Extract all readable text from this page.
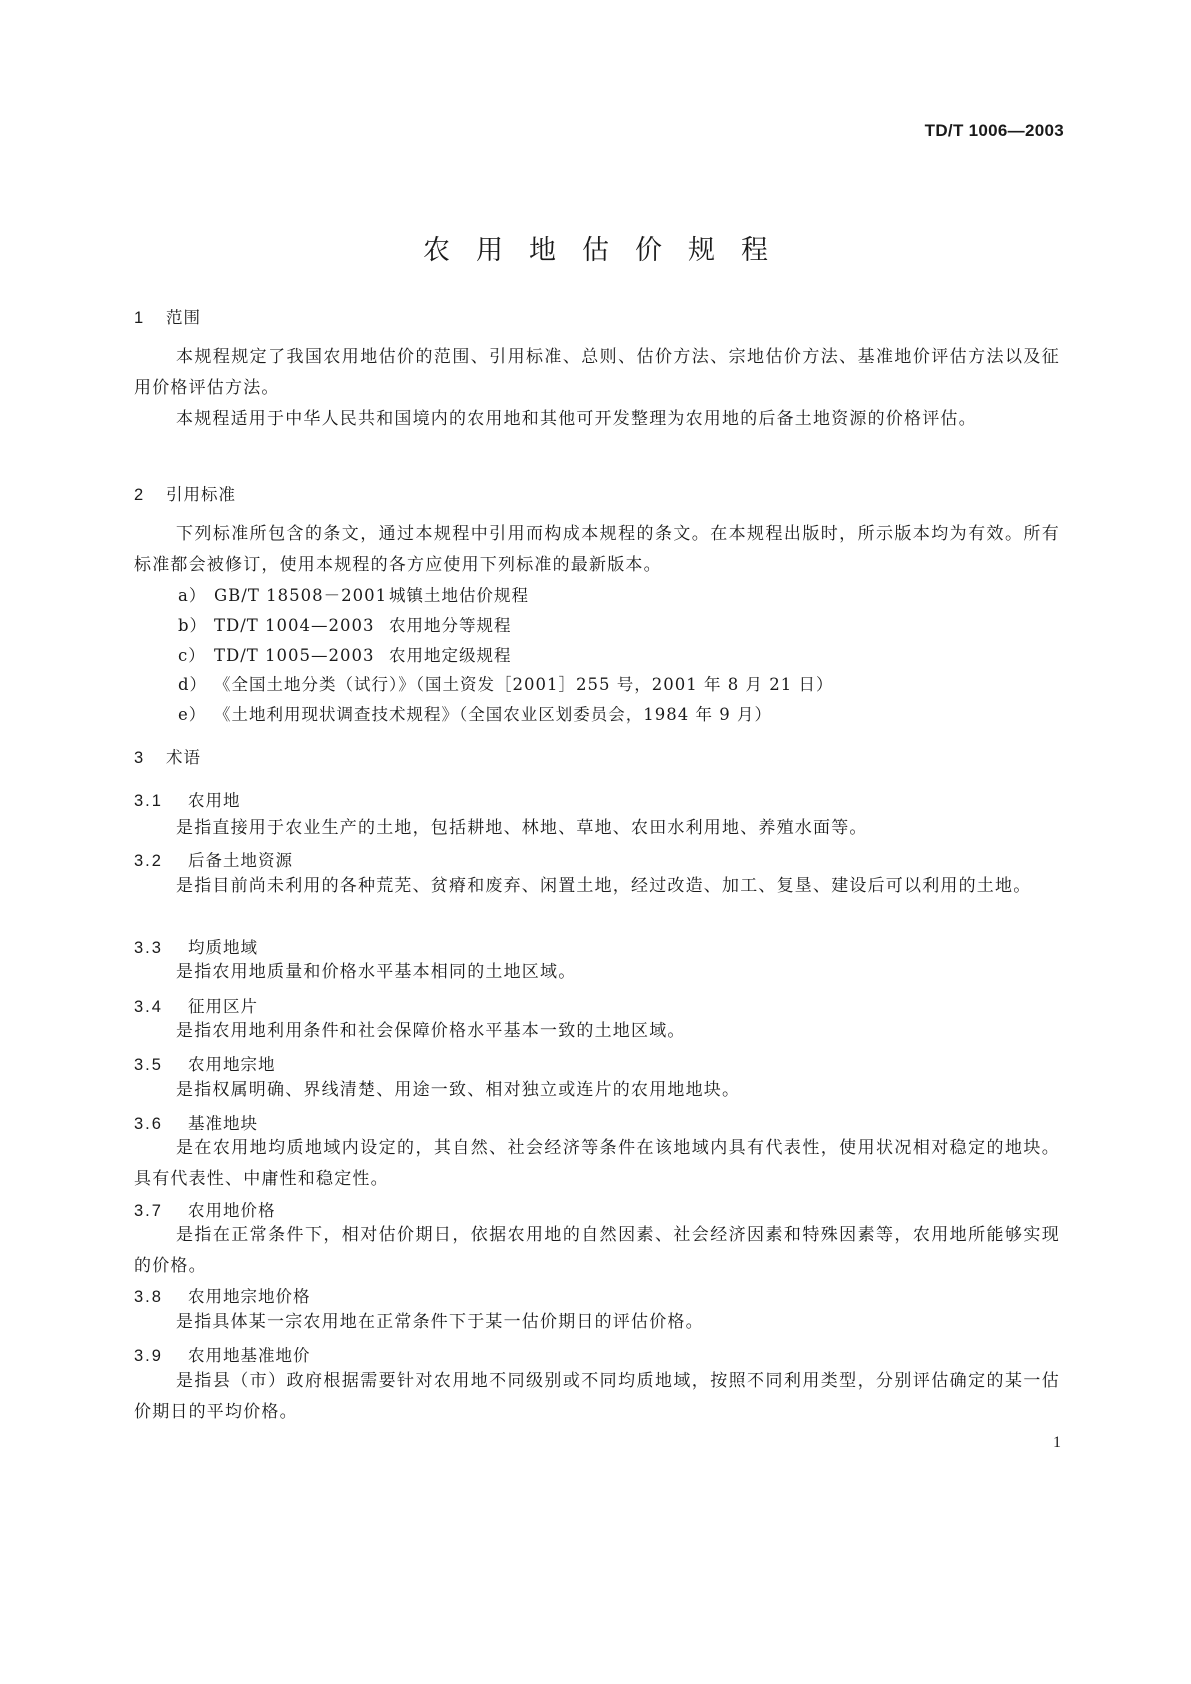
TD/T 1006—2003
农用地估价规程
1 范围
本规程规定了我国农用地估价的范围、引用标准、总则、估价方法、宗地估价方法、基准地价评估方法以及征用价格评估方法。
本规程适用于中华人民共和国境内的农用地和其他可开发整理为农用地的后备土地资源的价格评估。
2 引用标准
下列标准所包含的条文，通过本规程中引用而构成本规程的条文。在本规程出版时，所示版本均为有效。所有标准都会被修订，使用本规程的各方应使用下列标准的最新版本。
a） GB/T 18508－2001 城镇土地估价规程
b） TD/T 1004—2003 农用地分等规程
c） TD/T 1005—2003 农用地定级规程
d） 《全国土地分类（试行）》（国土资发［2001］255 号，2001 年 8 月 21 日）
e） 《土地利用现状调查技术规程》（全国农业区划委员会，1984 年 9 月）
3 术语
3.1 农用地
是指直接用于农业生产的土地，包括耕地、林地、草地、农田水利用地、养殖水面等。
3.2 后备土地资源
是指目前尚未利用的各种荒芜、贫瘠和废弃、闲置土地，经过改造、加工、复垦、建设后可以利用的土地。
3.3 均质地域
是指农用地质量和价格水平基本相同的土地区域。
3.4 征用区片
是指农用地利用条件和社会保障价格水平基本一致的土地区域。
3.5 农用地宗地
是指权属明确、界线清楚、用途一致、相对独立或连片的农用地地块。
3.6 基准地块
是在农用地均质地域内设定的，其自然、社会经济等条件在该地域内具有代表性，使用状况相对稳定的地块。具有代表性、中庸性和稳定性。
3.7 农用地价格
是指在正常条件下，相对估价期日，依据农用地的自然因素、社会经济因素和特殊因素等，农用地所能够实现的价格。
3.8 农用地宗地价格
是指具体某一宗农用地在正常条件下于某一估价期日的评估价格。
3.9 农用地基准地价
是指县（市）政府根据需要针对农用地不同级别或不同均质地域，按照不同利用类型，分别评估确定的某一估价期日的平均价格。
1
